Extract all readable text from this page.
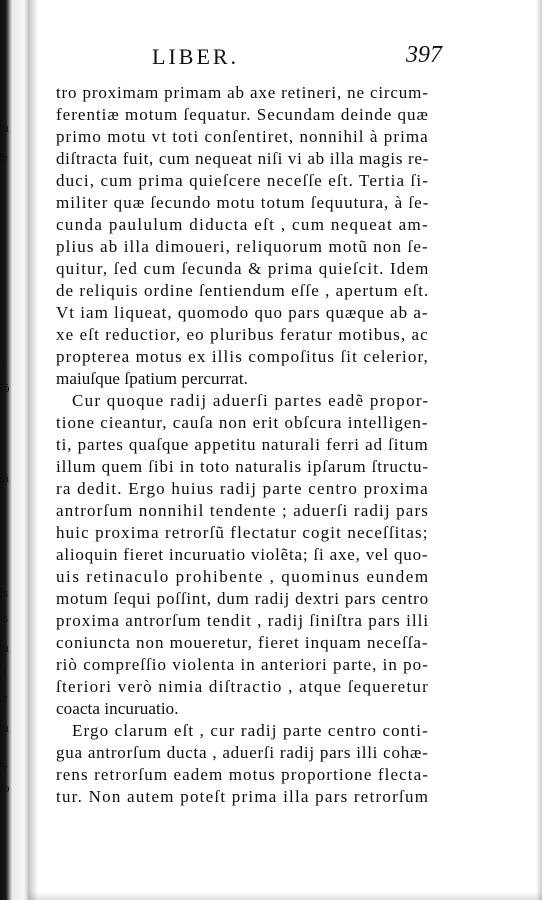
a
r
i
ö
ä
s
s
a
l
r
a
r
o
LIBER.	397
tro proximam primam ab axe retineri, ne circum-
ferentiæ motum ſequatur. Secundam deinde quæ
primo motu vt toti conſentiret, nonnihil à prima
diſtracta fuit, cum nequeat niſi vi ab illa magis re-
duci, cum prima quieſcere neceſſe eſt. Tertia ſi-
militer quæ ſecundo motu totum ſequutura, à ſe-
cunda paululum diducta eſt , cum nequeat am-
plius ab illa dimoueri, reliquorum motũ non ſe-
quitur, ſed cum ſecunda & prima quieſcit. Idem
de reliquis ordine ſentiendum eſſe , apertum eſt.
Vt iam liqueat, quomodo quo pars quæque ab a-
xe eſt reductior, eo pluribus feratur motibus, ac
propterea motus ex illis compoſitus ſit celerior,
maiuſque ſpatium percurrat.
Cur quoque radij aduerſi partes eadẽ propor-
tione cieantur, cauſa non erit obſcura intelligen-
ti, partes quaſque appetitu naturali ferri ad ſitum
illum quem ſibi in toto naturalis ipſarum ſtructu-
ra dedit. Ergo huius radij parte centro proxima
antrorſum nonnihil tendente ; aduerſi radij pars
huic proxima retrorſũ flectatur cogit neceſſitas;
alioquin fieret incuruatio violẽta; ſi axe, vel quo-
uis retinaculo prohibente , quominus eundem
motum ſequi poſſint, dum radij dextri pars centro
proxima antrorſum tendit , radij ſiniſtra pars illi
coniuncta non moueretur, fieret inquam neceſſa-
riò compreſſio violenta in anteriori parte, in po-
ſteriori verò nimia diſtractio , atque ſequeretur
coacta incuruatio.
Ergo clarum eſt , cur radij parte centro conti-
gua antrorſum ducta , aduerſi radij pars illi cohæ-
rens retrorſum eadem motus proportione flecta-
tur. Non autem poteſt prima illa pars retrorſum
